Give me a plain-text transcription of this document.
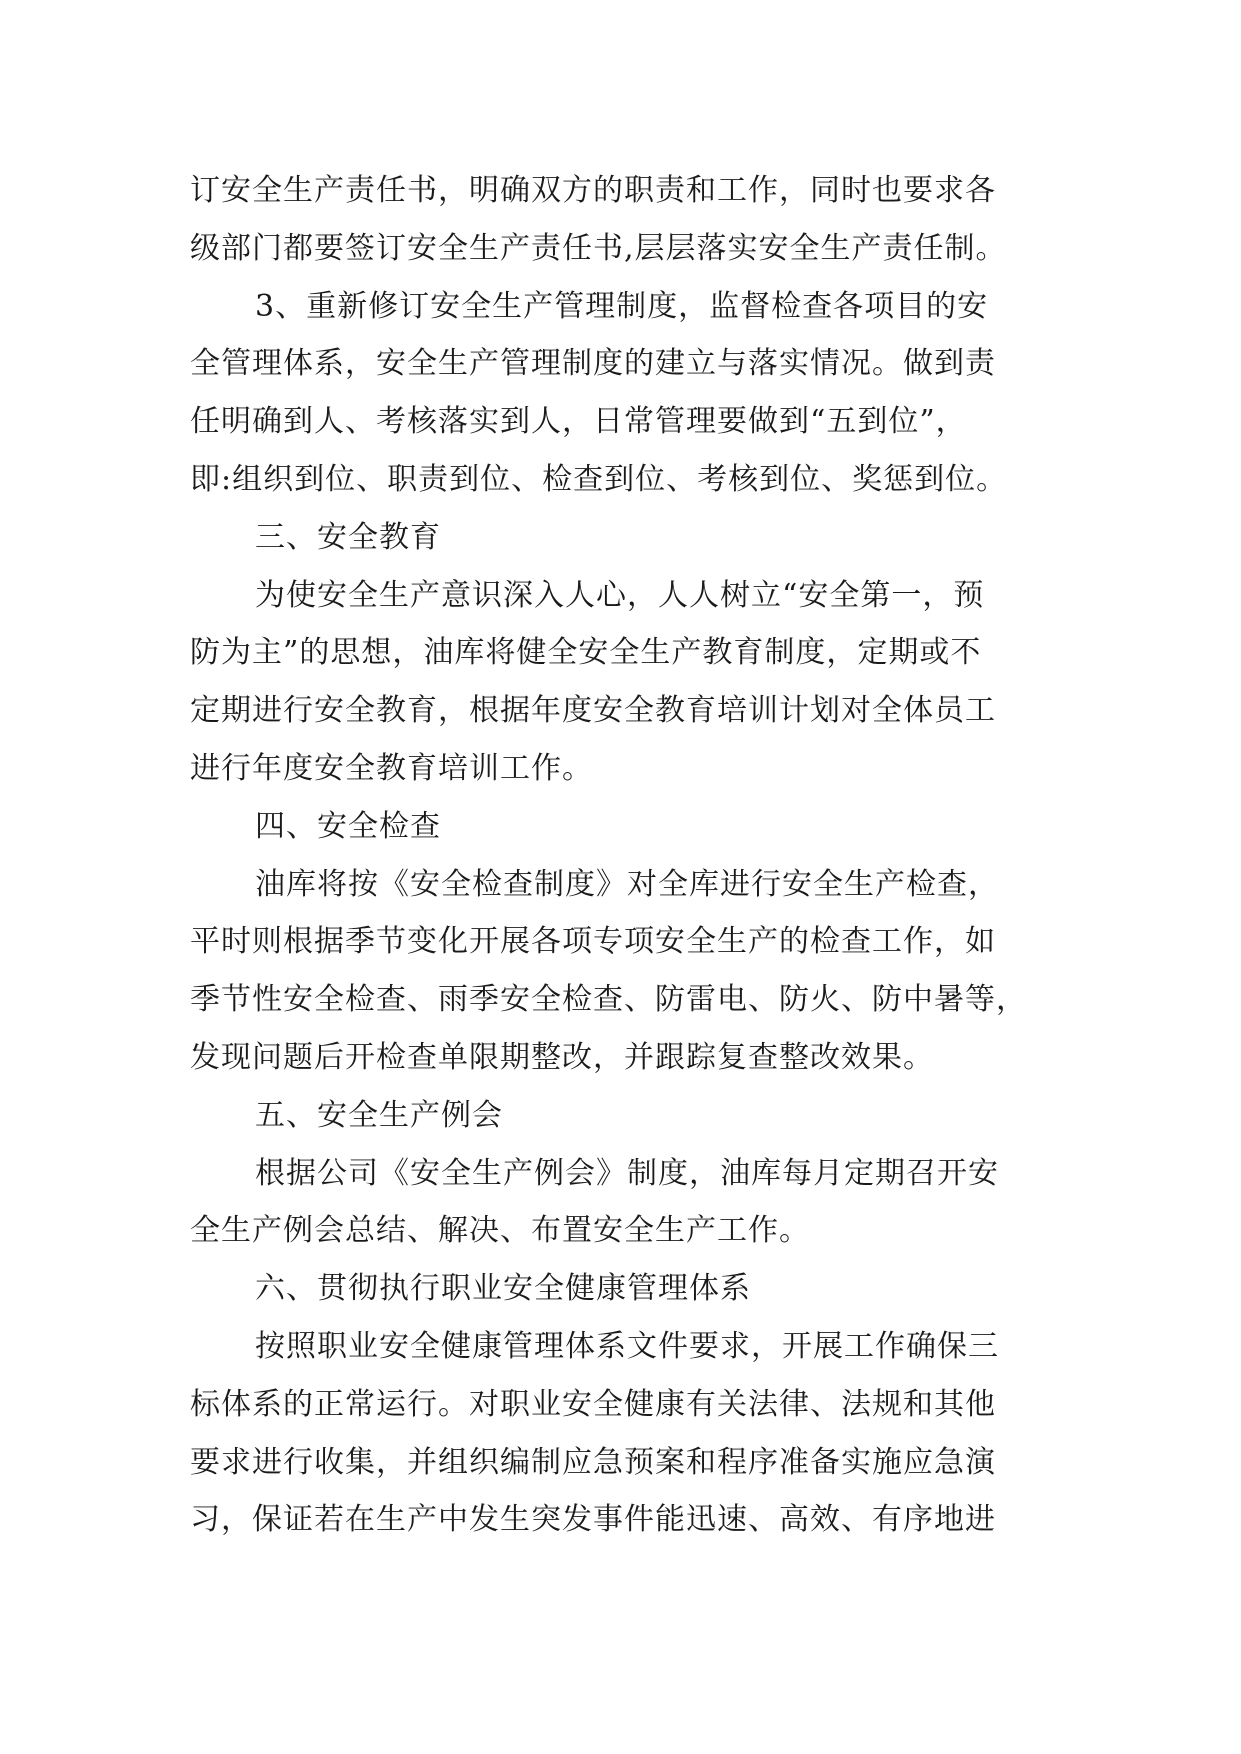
订安全生产责任书，明确双方的职责和工作，同时也要求各
级部门都要签订安全生产责任书,层层落实安全生产责任制。
3、重新修订安全生产管理制度，监督检查各项目的安
全管理体系，安全生产管理制度的建立与落实情况。做到责
任明确到人、考核落实到人，日常管理要做到“五到位”，
即:组织到位、职责到位、检查到位、考核到位、奖惩到位。
三、安全教育
为使安全生产意识深入人心，人人树立“安全第一，预
防为主”的思想，油库将健全安全生产教育制度，定期或不
定期进行安全教育，根据年度安全教育培训计划对全体员工
进行年度安全教育培训工作。
四、安全检查
油库将按《安全检查制度》对全库进行安全生产检查，
平时则根据季节变化开展各项专项安全生产的检查工作，如
季节性安全检查、雨季安全检查、防雷电、防火、防中暑等，
发现问题后开检查单限期整改，并跟踪复查整改效果。
五、安全生产例会
根据公司《安全生产例会》制度，油库每月定期召开安
全生产例会总结、解决、布置安全生产工作。
六、贯彻执行职业安全健康管理体系
按照职业安全健康管理体系文件要求，开展工作确保三
标体系的正常运行。对职业安全健康有关法律、法规和其他
要求进行收集，并组织编制应急预案和程序准备实施应急演
习，保证若在生产中发生突发事件能迅速、高效、有序地进
